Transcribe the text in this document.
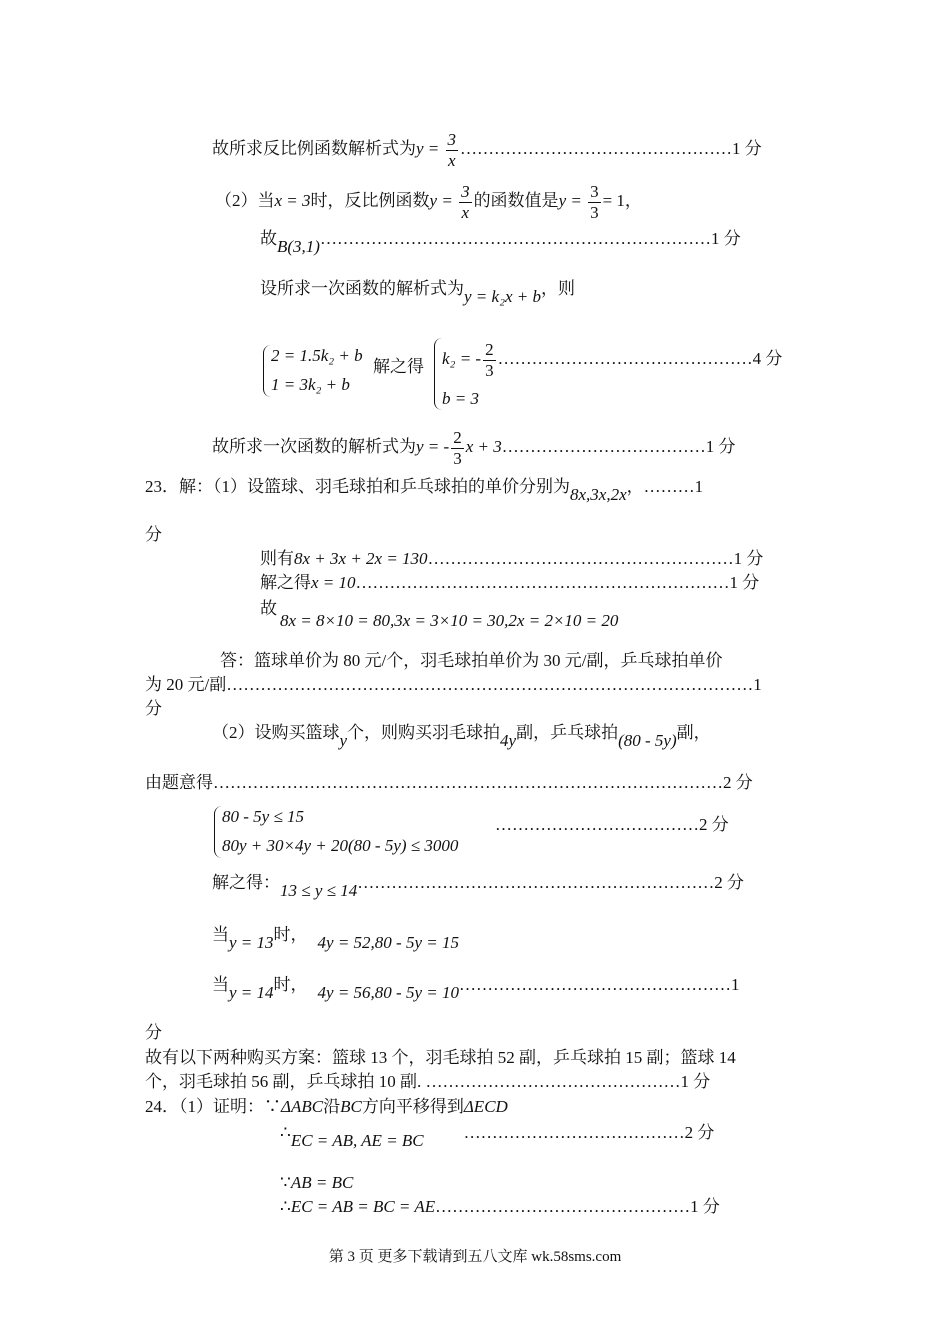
故所求反比例函数解析式为$y = \frac{3}{x}$ …………………………………………1 分
（2）当x = 3时，反比例函数$y = \frac{3}{x}$ 的函数值是$y = \frac{3}{3} = 1$，
故B(3,1)……………………………………………………………1 分
设所求一次函数的解析式为y = k₂x + b，则
2 = 1.5k₂ + b
1 = 3k₂ + b
解之得 k₂ = - $\frac{2}{3}$ ………………………………………4 分
b = 3
故所求一次函数的解析式为y = - $\frac{2}{3}$ x + 3………………………………1 分
23．解：（1）设篮球、羽毛球拍和乒乓球拍的单价分别为8x,3x,2x，………1
分
则有8x + 3x + 2x = 130………………………………………………1 分
解之得x = 10…………………………………………………………1 分
故
8x = 8×10 = 80,3x = 3×10 = 30,2x = 2×10 = 20
答：篮球单价为 80 元/个，羽毛球拍单价为 30 元/副，乒乓球拍单价
为 20 元/副…………………………………………………………………………………1
分
（2）设购买篮球y个，则购买羽毛球拍4y副，乒乓球拍(80 - 5y)副，
由题意得………………………………………………………………………………2 分
80 - 5y ≤ 15
80y + 30×4y + 20(80 - 5y) ≤ 3000
………………………………2 分
解之得：13 ≤ y ≤ 14………………………………………………………2 分
当y = 13时， 4y = 52,80 - 5y = 15
当y = 14时， 4y = 56,80 - 5y = 10…………………………………………1
分
故有以下两种购买方案：篮球 13 个，羽毛球拍 52 副，乒乓球拍 15 副；篮球 14
个，羽毛球拍 56 副，乒乓球拍 10 副. ………………………………………1 分
24．（1）证明：∵ΔABC沿BC方向平移得到ΔECD
∴EC = AB, AE = BC …………………………………2 分
∵AB = BC
∴EC = AB = BC = AE………………………………………1 分
第 3 页 更多下载请到五八文库 wk.58sms.com
